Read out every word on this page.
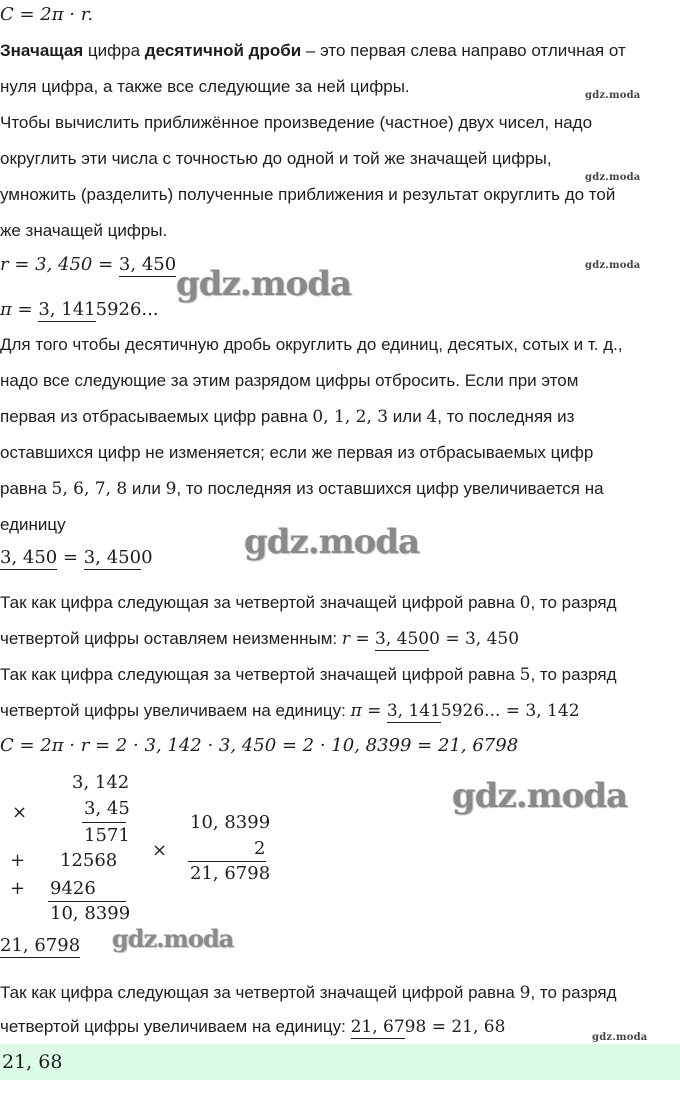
C = 2π · r.
Значащая цифра десятичной дроби – это первая слева направо отличная от
нуля цифра, а также все следующие за ней цифры.	gdz.moda
Чтобы вычислить приближённое произведение (частное) двух чисел, надо
округлить эти числа с точностью до одной и той же значащей цифры,
gdz.moda
умножить (разделить) полученные приближения и результат округлить до той
же значащей цифры.
r = 3, 450 = 3, 450	gdz.moda
gdz.moda
π = 3, 1415926...
Для того чтобы десятичную дробь округлить до единиц, десятых, сотых и т. д.,
надо все следующие за этим разрядом цифры отбросить. Если при этом
первая из отбрасываемых цифр равна 0, 1, 2, 3 или 4, то последняя из
оставшихся цифр не изменяется; если же первая из отбрасываемых цифр
равна 5, 6, 7, 8 или 9, то последняя из оставшихся цифр увеличивается на
единицу	gdz.moda
3, 450 = 3, 4500
Так как цифра следующая за четвертой значащей цифрой равна 0, то разряд
четвертой цифры оставляем неизменным: r = 3, 4500 = 3, 450
Так как цифра следующая за четвертой значащей цифрой равна 5, то разряд
четвертой цифры увеличиваем на единицу: π = 3, 1415926... = 3, 142
C = 2π · r = 2 · 3, 142 · 3, 450 = 2 · 10, 8399 = 21, 6798
3, 142
×	3, 45
1571
+ 12568
+ 9426
10, 8399
10, 8399
×	2
21, 6798
gdz.moda
21, 6798 gdz.moda
Так как цифра следующая за четвертой значащей цифрой равна 9, то разряд
четвертой цифры увеличиваем на единицу: 21, 6798 = 21, 68
gdz.moda
21, 68
